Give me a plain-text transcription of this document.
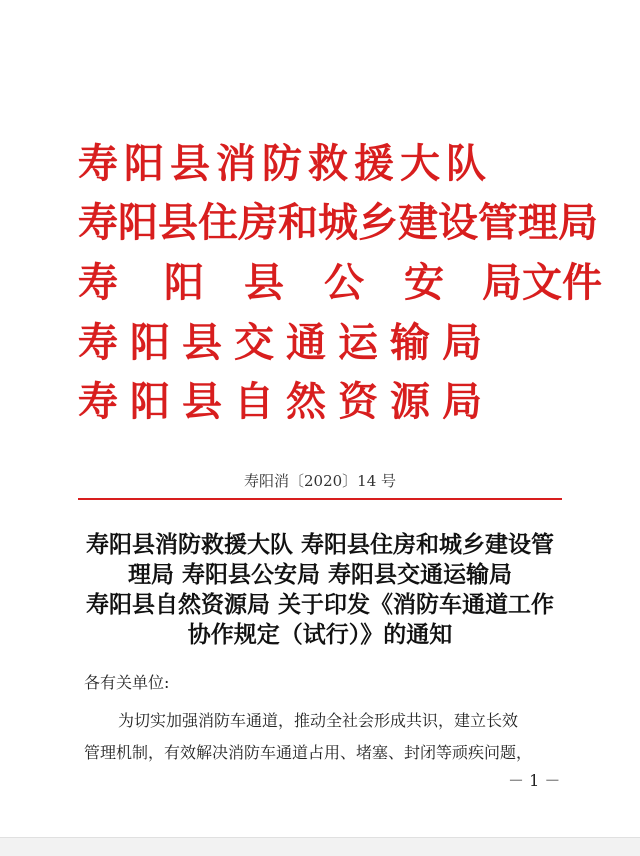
寿阳县消防救援大队
寿阳县住房和城乡建设管理局
寿 阳 县 公 安 局文件
寿阳县交通运输局
寿阳县自然资源局
寿阳消〔2020〕14 号
寿阳县消防救援大队 寿阳县住房和城乡建设管
理局 寿阳县公安局 寿阳县交通运输局
寿阳县自然资源局 关于印发《消防车通道工作
协作规定（试行）》的通知
各有关单位:
为切实加强消防车通道，推动全社会形成共识，建立长效
管理机制，有效解决消防车通道占用、堵塞、封闭等顽疾问题，
－ 1 －
